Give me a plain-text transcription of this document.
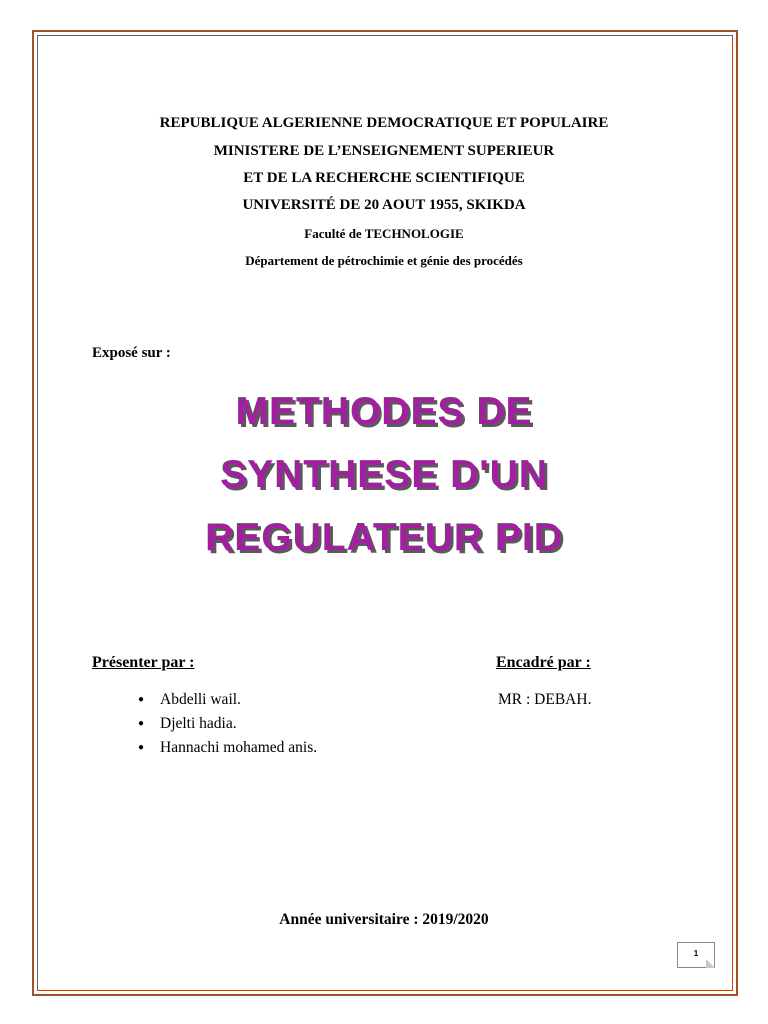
REPUBLIQUE ALGERIENNE DEMOCRATIQUE ET POPULAIRE
MINISTERE DE L’ENSEIGNEMENT SUPERIEUR
ET DE LA RECHERCHE SCIENTIFIQUE
UNIVERSITÉ DE 20 AOUT 1955, SKIKDA
Faculté de TECHNOLOGIE
Département de pétrochimie et génie des procédés
Exposé sur :
METHODES DE
SYNTHESE D'UN
REGULATEUR PID
Présenter par :	Encadré par :
● Abdelli wail.
● Djelti hadia.
● Hannachi mohamed anis.
MR : DEBAH.
Année universitaire : 2019/2020
1
